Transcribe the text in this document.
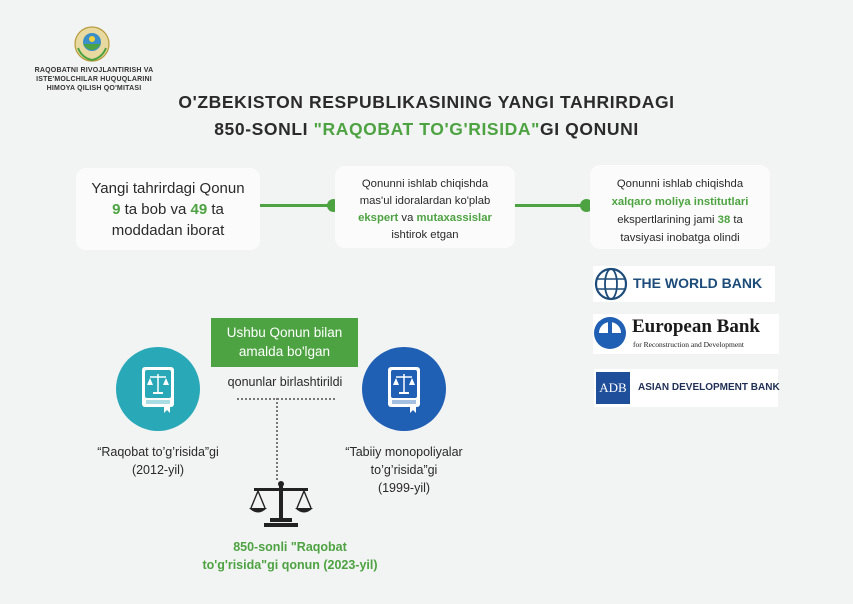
RAQOBATNI RIVOJLANTIRISH VA
ISTE'MOLCHILAR HUQUQLARINI
HIMOYA QILISH QO'MITASI
O'ZBEKISTON RESPUBLIKASINING YANGI TAHRIRDAGI
850-SONLI "RAQOBAT TO'G'RISIDA"GI QONUNI
Yangi tahrirdagi Qonun
9 ta bob va 49 ta
moddadan iborat
Qonunni ishlab chiqishda
mas'ul idoralardan ko'plab
ekspert va mutaxassislar
ishtirok etgan
Qonunni ishlab chiqishda
xalqaro moliya institutlari
ekspertlarining jami 38 ta
tavsiyasi inobatga olindi
THE WORLD BANK
European Bank
for Reconstruction and Development
ADB	ASIAN DEVELOPMENT BANK
Ushbu Qonun bilan
amalda bo'lgan
qonunlar birlashtirildi
“Raqobat to’g’risida”gi
(2012-yil)
“Tabiiy monopoliyalar
to’g’risida”gi
(1999-yil)
850-sonli "Raqobat
to'g'risida"gi qonun (2023-yil)
